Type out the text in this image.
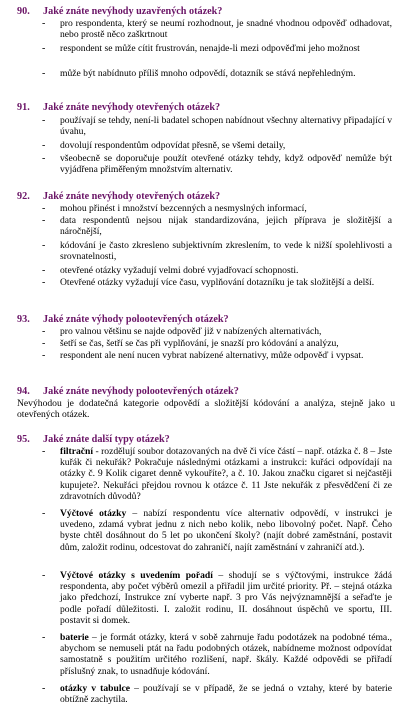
90. Jaké znáte nevýhody uzavřených otázek?
-	pro respondenta, který se neumí rozhodnout, je snadné vhodnou odpověď odhadovat, nebo prostě něco zaškrtnout
-	respondent se může cítit frustrován, nenajde-li mezi odpověďmi jeho možnost
-	může být nabídnuto příliš mnoho odpovědí, dotazník se stává nepřehledným.
91. Jaké znáte nevýhody otevřených otázek?
-	používají se tehdy, není-li badatel schopen nabídnout všechny alternativy připadající v úvahu,
-	dovolují respondentům odpovídat přesně, se všemi detaily,
-	všeobecně se doporučuje použít otevřené otázky tehdy, když odpověď nemůže být vyjádřena přiměřeným množstvím alternativ.
92. Jaké znáte nevýhody otevřených otázek?
-	mohou přinést i množství bezcenných a nesmyslných informací,
-	data respondentů nejsou nijak standardizována, jejich příprava je složitější a náročnější,
-	kódování je často zkresleno subjektivním zkreslením, to vede k nižší spolehlivosti a srovnatelnosti,
-	otevřené otázky vyžadují velmi dobré vyjadřovací schopnosti.
-	Otevřené otázky vyžadují více času, vyplňování dotazníku je tak složitější a delší.
93. Jaké znáte výhody polootevřených otázek?
-	pro valnou většinu se najde odpověď již v nabízených alternativách,
-	šetří se čas, šetří se čas při vyplňování, je snazší pro kódování a analýzu,
-	respondent ale není nucen vybrat nabízené alternativy, může odpověď i vypsat.
94. Jaké znáte nevýhody polootevřených otázek?
Nevýhodou je dodatečná kategorie odpovědí a složitější kódování a analýza, stejně jako u otevřených otázek.
95. Jaké znáte další typy otázek?
-	filtrační - rozdělují soubor dotazovaných na dvě či více částí – např. otázka č. 8 – Jste kuřák či nekuřák? Pokračuje následnými otázkami a instrukci: kuřáci odpovídají na otázky č. 9 Kolik cigaret denně vykouříte?, a č. 10. Jakou značku cigaret si nejčastěji kupujete?. Nekuřáci přejdou rovnou k otázce č. 11 Jste nekuřák z přesvědčení či ze zdravotních důvodů?
-	Výčtové otázky – nabízí respondentu více alternativ odpovědí, v instrukci je uvedeno, zdamá vybrat jednu z nich nebo kolik, nebo libovolný počet. Např. Čeho byste chtěl dosáhnout do 5 let po ukončení školy? (najít dobré zaměstnání, postavit dům, založit rodinu, odcestovat do zahraničí, najít zaměstnání v zahraničí atd.).
-	Výčtové otázky s uvedením pořadí – shodují se s výčtovými, instrukce žádá respondenta, aby počet výběrů omezil a přiřadil jim určité priority. Př. – stejná otázka jako předchozí, Instrukce zní vyberte např. 3 pro Vás nejvýznamnější a seřaďte je podle pořadí důležitosti. I. založit rodinu, II. dosáhnout úspěchů ve sportu, III. postavit si domek.
-	baterie – je formát otázky, která v sobě zahrnuje řadu podotázek na podobné téma., abychom se nemuseli ptát na řadu podobných otázek, nabídneme možnost odpovídat samostatně s použitím určitého rozlišení, např. škály. Každé odpovědi se přiřadí příslušný znak, to usnadňuje kódování.
-	otázky v tabulce – používají se v případě, že se jedná o vztahy, které by baterie obtížně zachytila.
